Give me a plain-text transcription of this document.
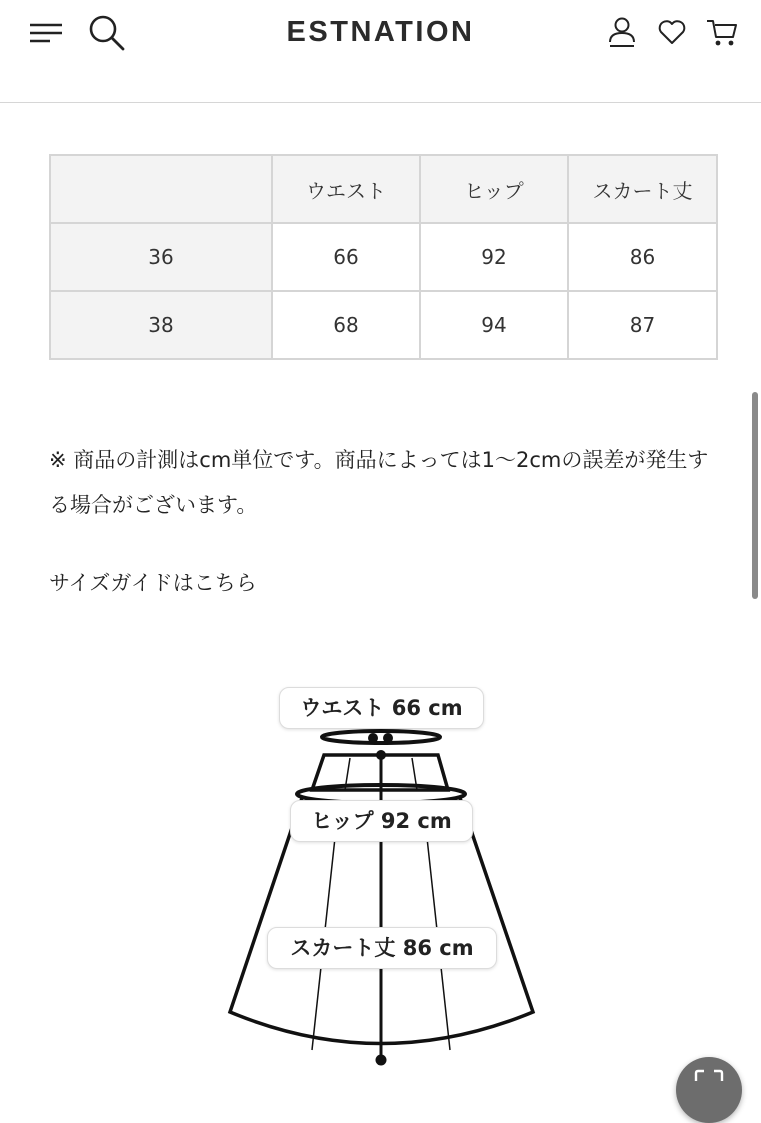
ESTNATION
	ウエスト	ヒップ	スカート丈
36	66	92	86
38	68	94	87
※ 商品の計測はcm単位です。商品によっては1〜2cmの誤差が発生する場合がございます。
サイズガイドはこちら
ウエスト 66 cm
ヒップ 92 cm
スカート丈 86 cm
